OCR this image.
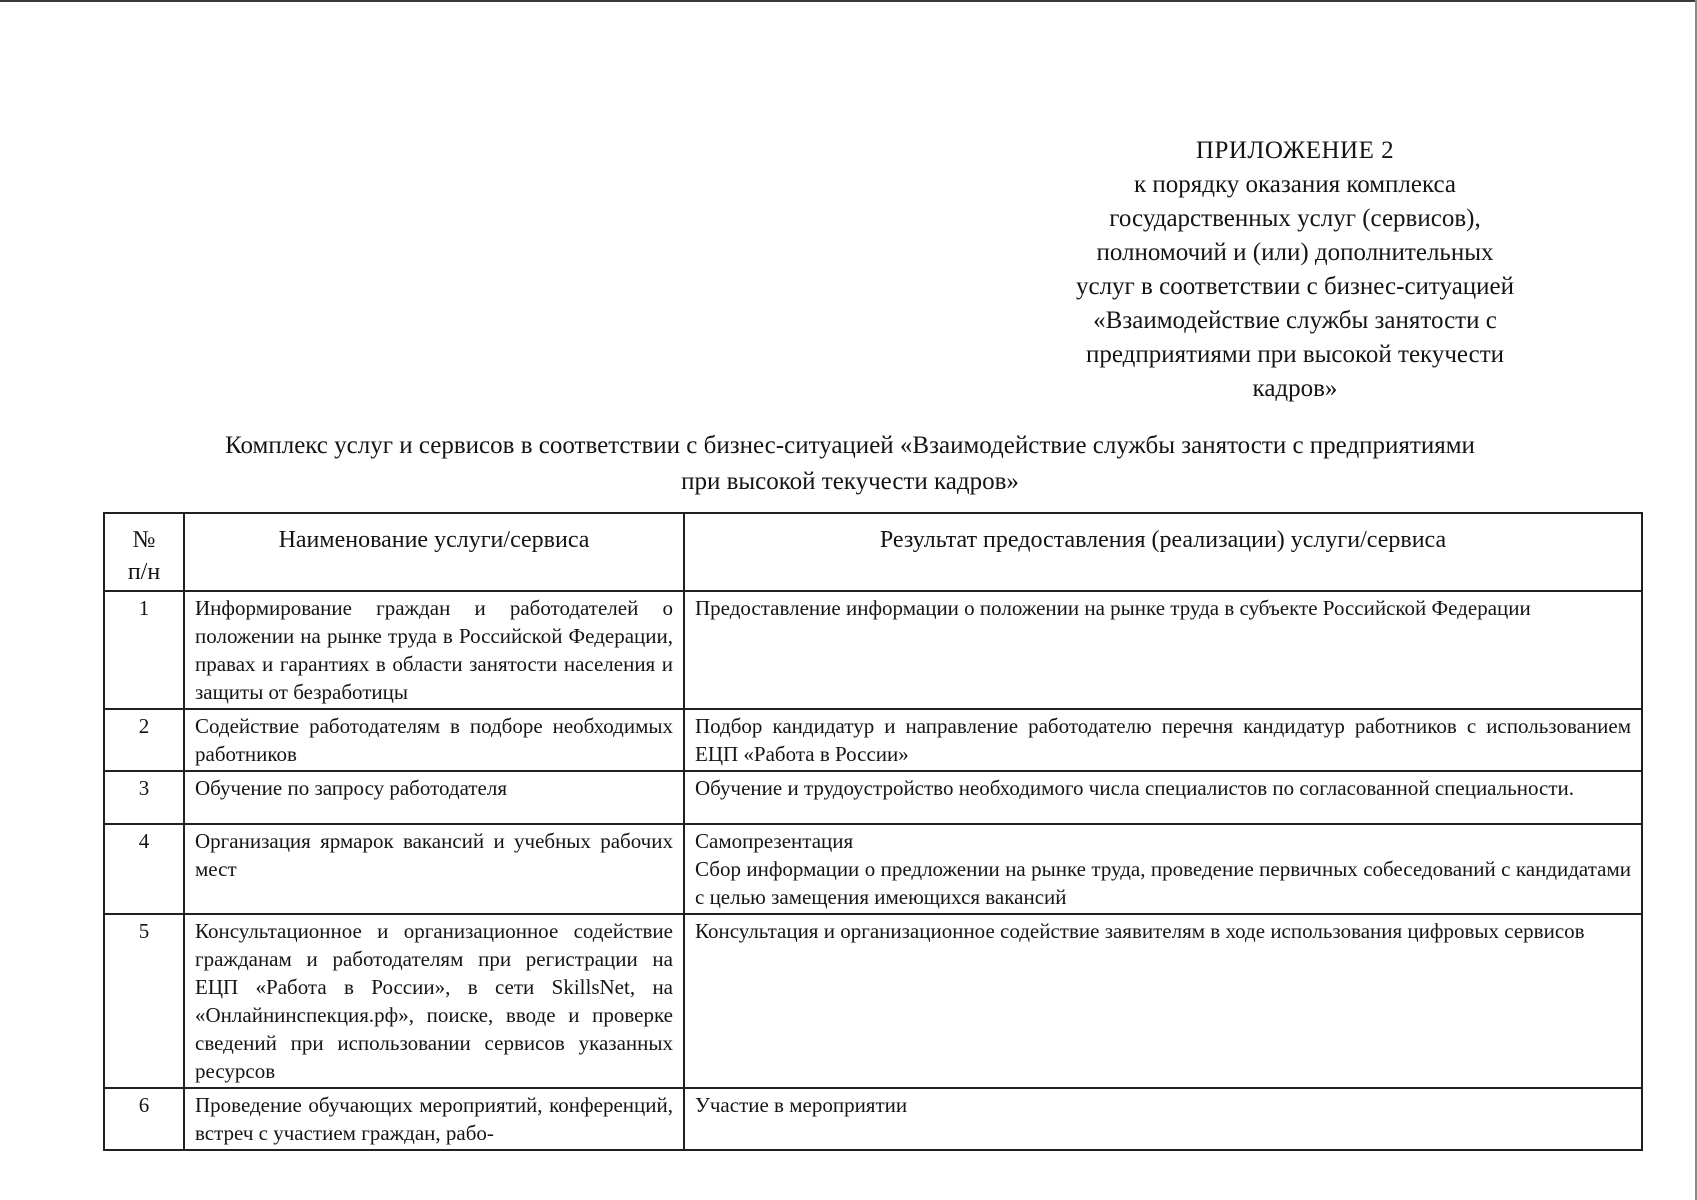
ПРИЛОЖЕНИЕ 2
к порядку оказания комплекса
государственных услуг (сервисов),
полномочий и (или) дополнительных
услуг в соответствии с бизнес-ситуацией
«Взаимодействие службы занятости с
предприятиями при высокой текучести
кадров»
Комплекс услуг и сервисов в соответствии с бизнес-ситуацией «Взаимодействие службы занятости с предприятиями
при высокой текучести кадров»
№
п/н	Наименование услуги/сервиса	Результат предоставления (реализации) услуги/сервиса
1	Информирование граждан и работодателей о положении на рынке труда в Российской Федерации, правах и гарантиях в области занятости населения и защиты от безработицы	Предоставление информации о положении на рынке труда в субъекте Российской Федерации

2	Содействие работодателям в подборе необходимых работников	Подбор кандидатур и направление работодателю перечня кандидатур работников с использованием ЕЦП «Работа в России»

3	Обучение по запросу работодателя	Обучение и трудоустройство необходимого числа специалистов по согласованной специальности.

4	Организация ярмарок вакансий и учебных рабочих мест	Самопрезентация
Сбор информации о предложении на рынке труда, проведение первичных собеседований с кандидатами с целью замещения имеющихся вакансий

5	Консультационное и организационное содействие гражданам и работодателям при регистрации на ЕЦП «Работа в России», в сети SkillsNet, на «Онлайнинспекция.рф», поиске, вводе и проверке сведений при использовании сервисов указанных ресурсов	Консультация и организационное содействие заявителям в ходе использования цифровых сервисов

6	Проведение обучающих мероприятий, конференций, встреч с участием граждан, рабо-	Участие в мероприятии
